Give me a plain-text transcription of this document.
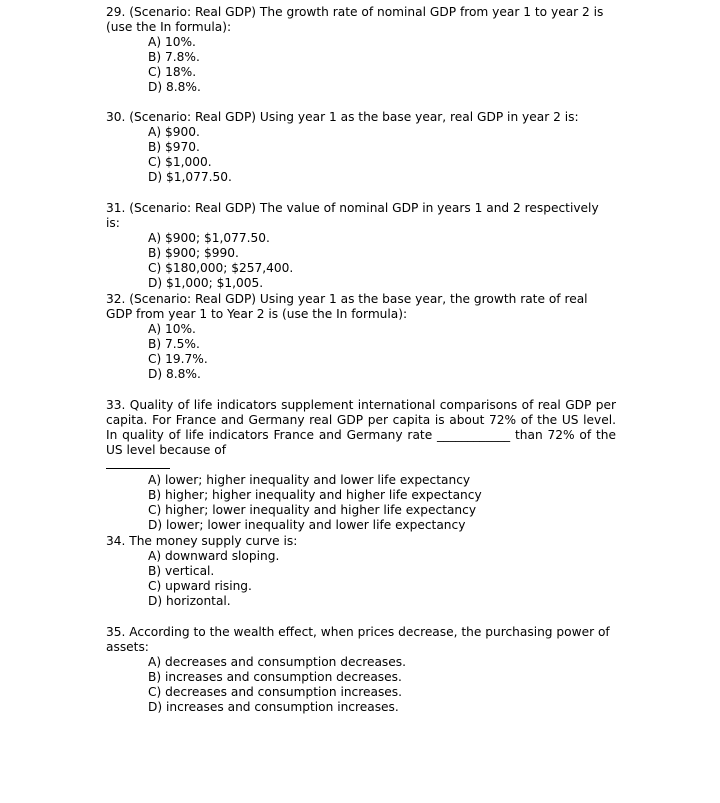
29. (Scenario: Real GDP) The growth rate of nominal GDP from year 1 to year 2 is (use the In formula):

A) 10%.
B) 7.8%.
C) 18%.
D) 8.8%.

30. (Scenario: Real GDP) Using year 1 as the base year, real GDP in year 2 is:

A) $900.
B) $970.
C) $1,000.
D) $1,077.50.

31. (Scenario: Real GDP) The value of nominal GDP in years 1 and 2 respectively is:

A) $900; $1,077.50.
B) $900; $990.
C) $180,000; $257,400.
D) $1,000; $1,005.

32. (Scenario: Real GDP) Using year 1 as the base year, the growth rate of real GDP from year 1 to Year 2 is (use the In formula):

A) 10%.
B) 7.5%.
C) 19.7%.
D) 8.8%.

33. Quality of life indicators supplement international comparisons of real GDP per capita. For France and Germany real GDP per capita is about 72% of the US level. In quality of life indicators France and Germany rate ____________ than 72% of the US level because of

A) lower; higher inequality and lower life expectancy
B) higher; higher inequality and higher life expectancy
C) higher; lower inequality and higher life expectancy
D) lower; lower inequality and lower life expectancy

34. The money supply curve is:

A) downward sloping.
B) vertical.
C) upward rising.
D) horizontal.

35. According to the wealth effect, when prices decrease, the purchasing power of assets:

A) decreases and consumption decreases.
B) increases and consumption decreases.
C) decreases and consumption increases.
D) increases and consumption increases.
